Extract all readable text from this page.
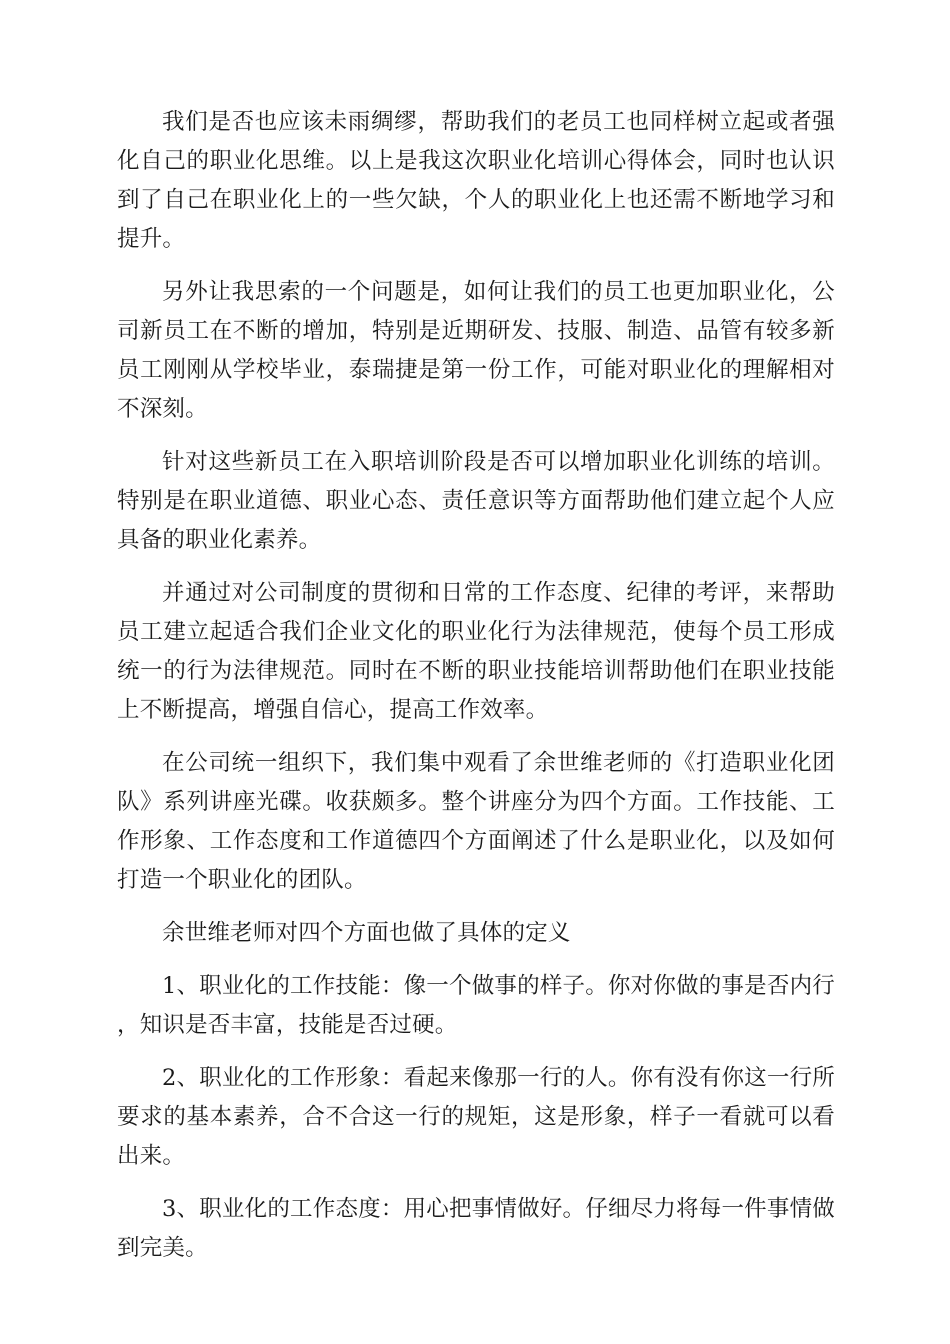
我们是否也应该未雨绸缪，帮助我们的老员工也同样树立起或者强化自己的职业化思维。以上是我这次职业化培训心得体会，同时也认识到了自己在职业化上的一些欠缺，个人的职业化上也还需不断地学习和提升。

另外让我思索的一个问题是，如何让我们的员工也更加职业化，公司新员工在不断的增加，特别是近期研发、技服、制造、品管有较多新员工刚刚从学校毕业，泰瑞捷是第一份工作，可能对职业化的理解相对不深刻。

针对这些新员工在入职培训阶段是否可以增加职业化训练的培训。特别是在职业道德、职业心态、责任意识等方面帮助他们建立起个人应具备的职业化素养。

并通过对公司制度的贯彻和日常的工作态度、纪律的考评，来帮助员工建立起适合我们企业文化的职业化行为法律规范，使每个员工形成统一的行为法律规范。同时在不断的职业技能培训帮助他们在职业技能上不断提高，增强自信心，提高工作效率。

在公司统一组织下，我们集中观看了余世维老师的《打造职业化团队》系列讲座光碟。收获颇多。整个讲座分为四个方面。工作技能、工作形象、工作态度和工作道德四个方面阐述了什么是职业化，以及如何打造一个职业化的团队。

余世维老师对四个方面也做了具体的定义

1、职业化的工作技能：像一个做事的样子。你对你做的事是否内行，知识是否丰富，技能是否过硬。

2、职业化的工作形象：看起来像那一行的人。你有没有你这一行所要求的基本素养，合不合这一行的规矩，这是形象，样子一看就可以看出来。

3、职业化的工作态度：用心把事情做好。仔细尽力将每一件事情做到完美。
